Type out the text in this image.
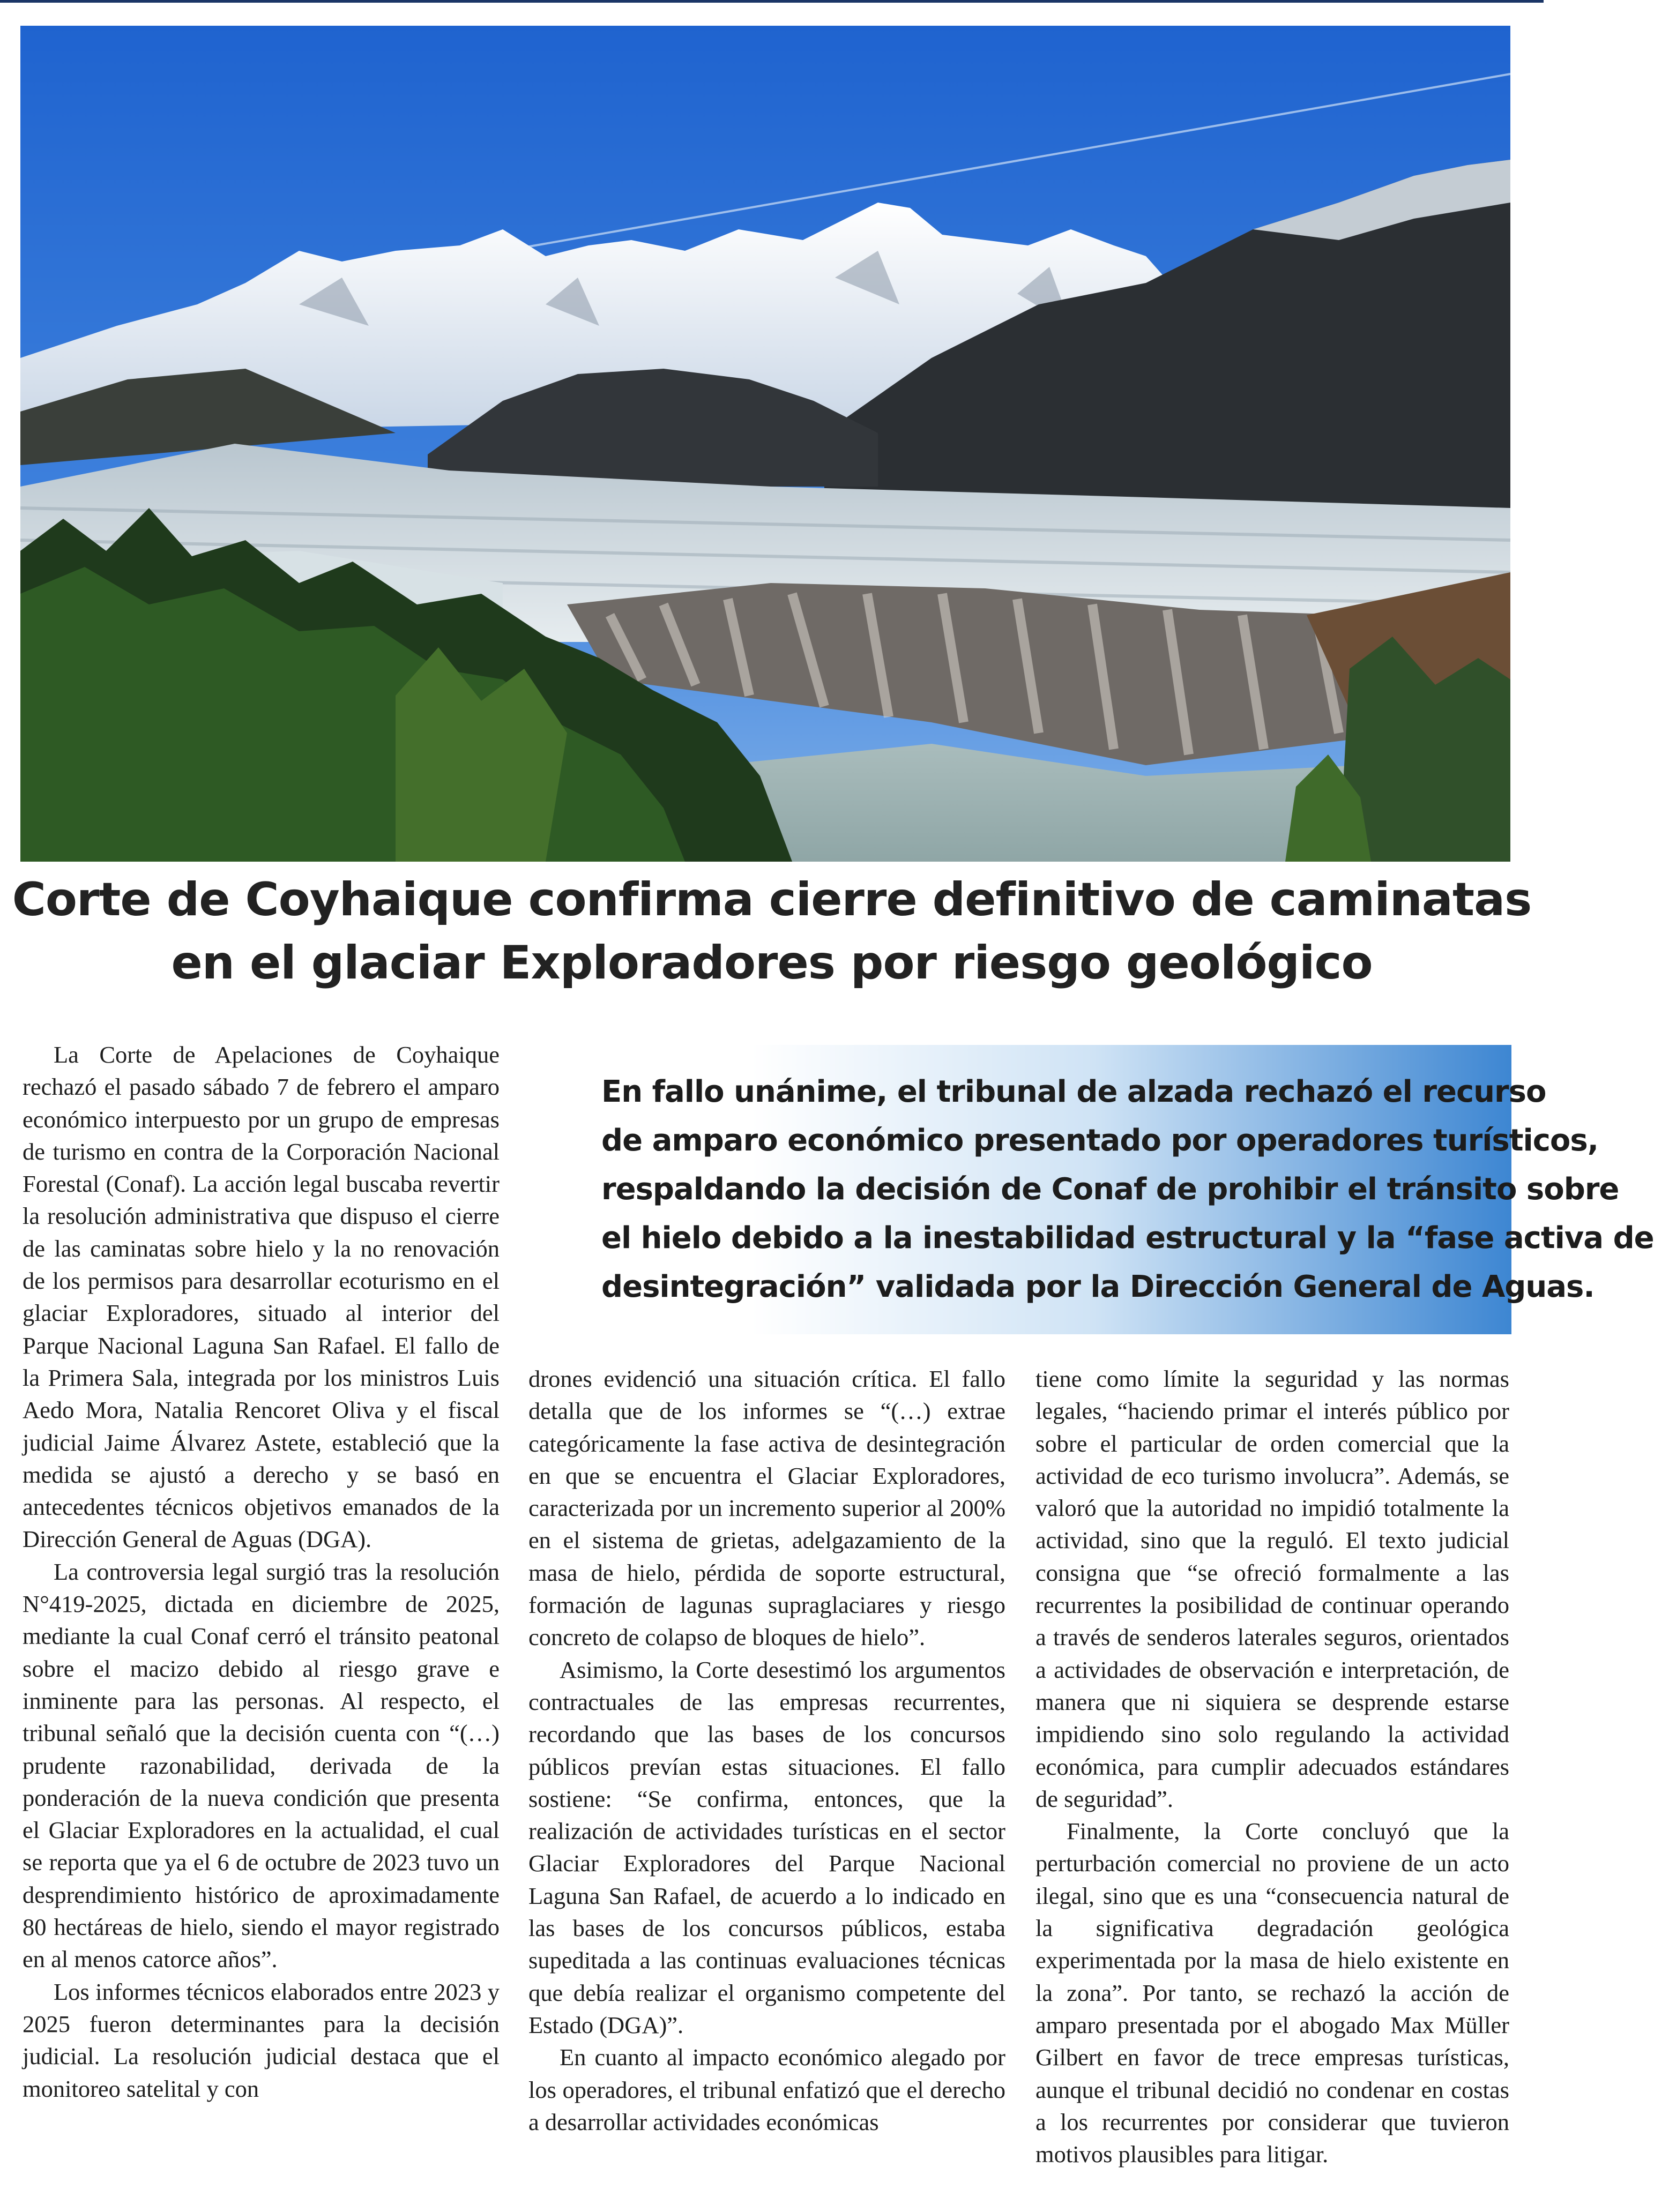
Corte de Coyhaique confirma cierre definitivo de caminatas
en el glaciar Exploradores por riesgo geológico
En fallo unánime, el tribunal de alzada rechazó el recurso
de amparo económico presentado por operadores turísticos,
respaldando la decisión de Conaf de prohibir el tránsito sobre
el hielo debido a la inestabilidad estructural y la “fase activa de
desintegración” validada por la Dirección General de Aguas.

La Corte de Apelaciones de Coyhaique rechazó el pasado sábado 7 de febrero el amparo económico interpuesto por un grupo de empresas de turismo en contra de la Corporación Nacional Forestal (Conaf). La acción legal buscaba revertir la resolución administrativa que dispuso el cierre de las caminatas sobre hielo y la no renovación de los permisos para desarrollar ecoturismo en el glaciar Exploradores, situado al interior del Parque Nacional Laguna San Rafael. El fallo de la Primera Sala, integrada por los ministros Luis Aedo Mora, Natalia Rencoret Oliva y el fiscal judicial Jaime Álvarez Astete, estableció que la medida se ajustó a derecho y se basó en antecedentes técnicos objetivos emanados de la Dirección General de Aguas (DGA).

La controversia legal surgió tras la resolución N°419-2025, dictada en diciembre de 2025, mediante la cual Conaf cerró el tránsito peatonal sobre el macizo debido al riesgo grave e inminente para las personas. Al respecto, el tribunal señaló que la decisión cuenta con “(…) prudente razonabilidad, derivada de la ponderación de la nueva condición que presenta el Glaciar Exploradores en la actualidad, el cual se reporta que ya el 6 de octubre de 2023 tuvo un desprendimiento histórico de aproximadamente 80 hectáreas de hielo, siendo el mayor registrado en al menos catorce años”.

Los informes técnicos elaborados entre 2023 y 2025 fueron determinantes para la decisión judicial. La resolución judicial destaca que el monitoreo satelital y con

drones evidenció una situación crítica. El fallo detalla que de los informes se “(…) extrae categóricamente la fase activa de desintegración en que se encuentra el Glaciar Exploradores, caracterizada por un incremento superior al 200% en el sistema de grietas, adelgazamiento de la masa de hielo, pérdida de soporte estructural, formación de lagunas supraglaciares y riesgo concreto de colapso de bloques de hielo”.

Asimismo, la Corte desestimó los argumentos contractuales de las empresas recurrentes, recordando que las bases de los concursos públicos prevían estas situaciones. El fallo sostiene: “Se confirma, entonces, que la realización de actividades turísticas en el sector Glaciar Exploradores del Parque Nacional Laguna San Rafael, de acuerdo a lo indicado en las bases de los concursos públicos, estaba supeditada a las continuas evaluaciones técnicas que debía realizar el organismo competente del Estado (DGA)”.

En cuanto al impacto económico alegado por los operadores, el tribunal enfatizó que el derecho a desarrollar actividades económicas

tiene como límite la seguridad y las normas legales, “haciendo primar el interés público por sobre el particular de orden comercial que la actividad de eco turismo involucra”. Además, se valoró que la autoridad no impidió totalmente la actividad, sino que la reguló. El texto judicial consigna que “se ofreció formalmente a las recurrentes la posibilidad de continuar operando a través de senderos laterales seguros, orientados a actividades de observación e interpretación, de manera que ni siquiera se desprende estarse impidiendo sino solo regulando la actividad económica, para cumplir adecuados estándares de seguridad”.

Finalmente, la Corte concluyó que la perturbación comercial no proviene de un acto ilegal, sino que es una “consecuencia natural de la significativa degradación geológica experimentada por la masa de hielo existente en la zona”. Por tanto, se rechazó la acción de amparo presentada por el abogado Max Müller Gilbert en favor de trece empresas turísticas, aunque el tribunal decidió no condenar en costas a los recurrentes por considerar que tuvieron motivos plausibles para litigar.
